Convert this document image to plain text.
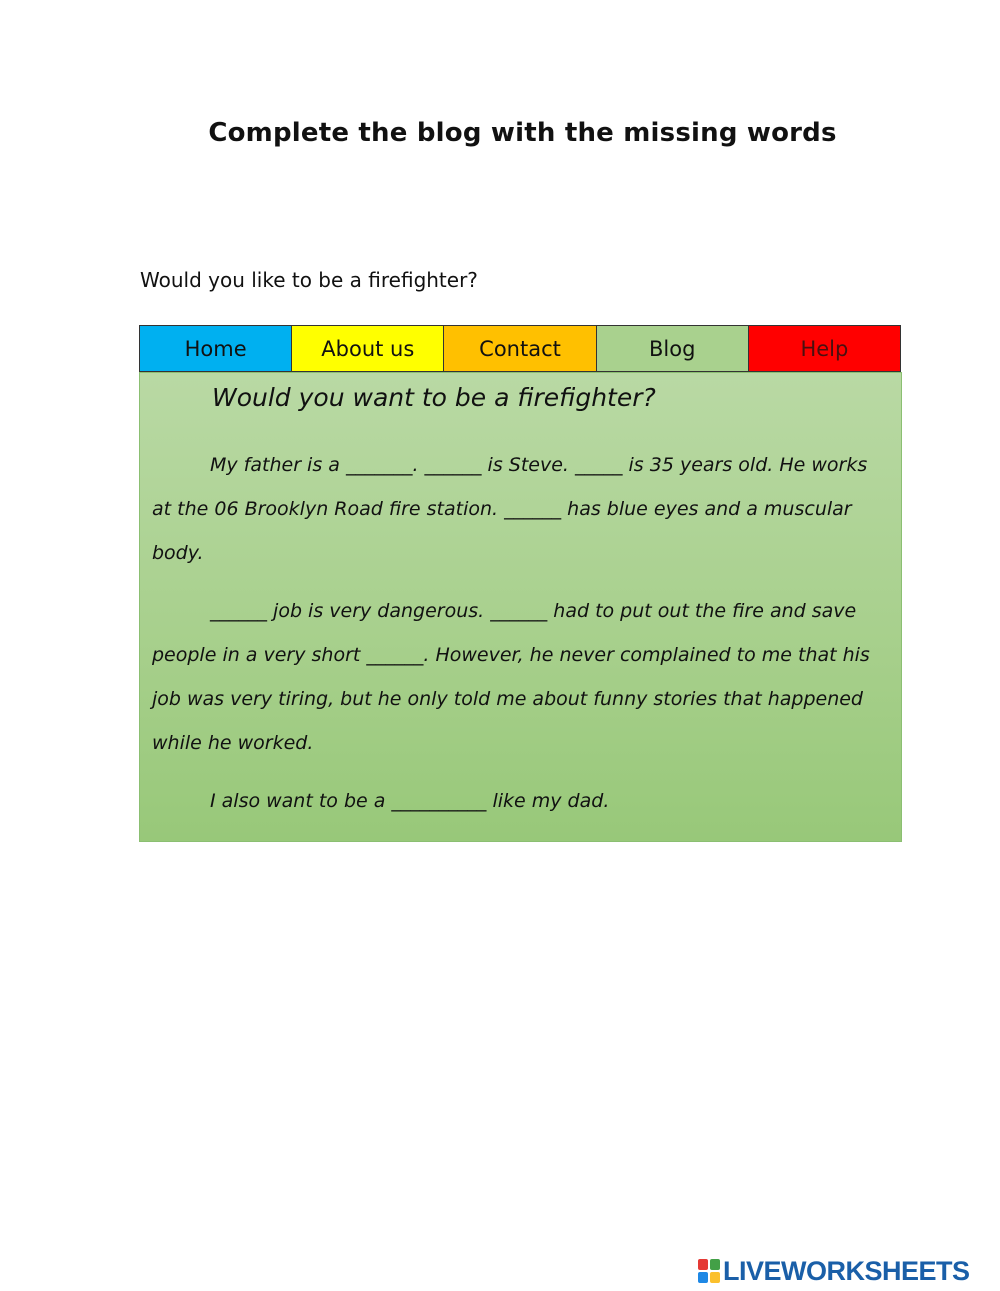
Complete the blog with the missing words

Would you like to be a firefighter?

Home	About us	Contact	Blog	Help
Would you want to be a firefighter?

My father is a _______. ______ is Steve. _____ is 35 years old. He works at the 06 Brooklyn Road fire station. ______ has blue eyes and a muscular body.

______ job is very dangerous. ______ had to put out the fire and save people in a very short ______. However, he never complained to me that his job was very tiring, but he only told me about funny stories that happened while he worked.

I also want to be a __________ like my dad.

LIVEWORKSHEETS
